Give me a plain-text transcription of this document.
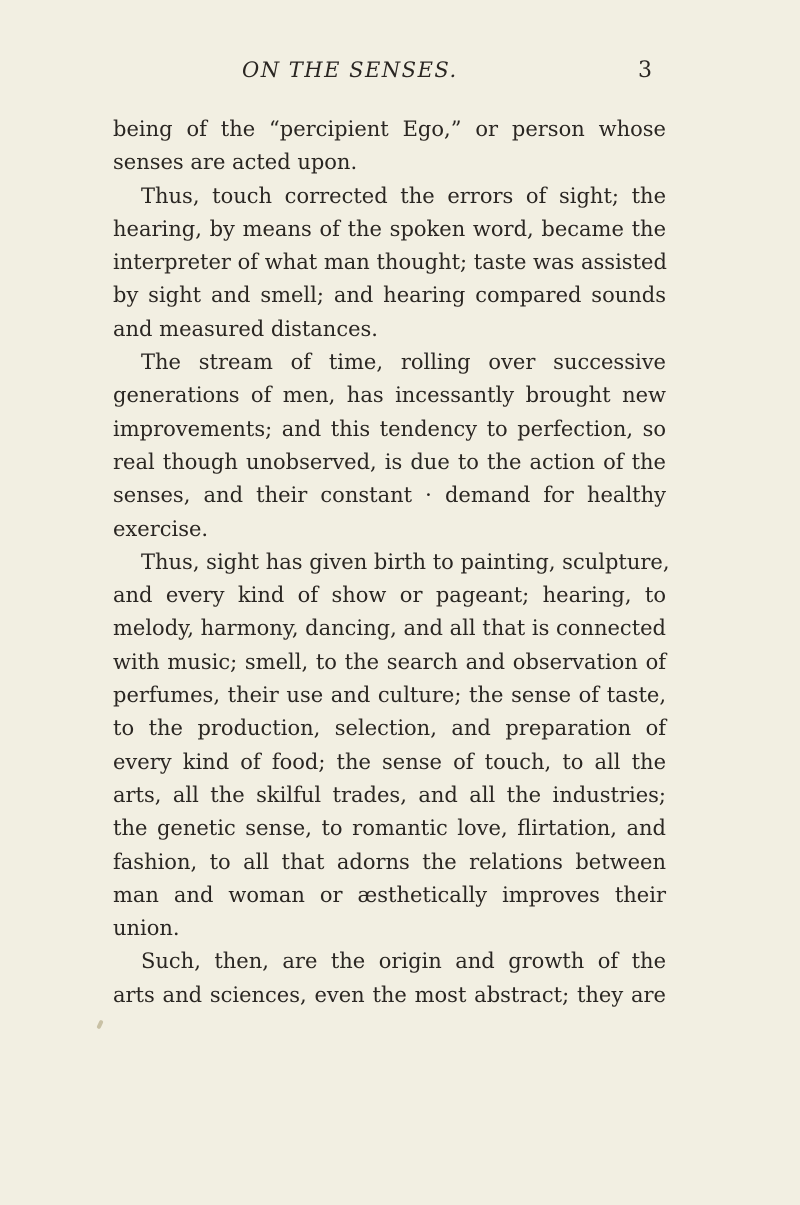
ON THE SENSES.	3
being of the “percipient Ego,” or person whose
senses are acted upon.
Thus, touch corrected the errors of sight; the
hearing, by means of the spoken word, became the
interpreter of what man thought; taste was assisted
by sight and smell; and hearing compared sounds
and measured distances.
The stream of time, rolling over successive
generations of men, has incessantly brought new
improvements; and this tendency to perfection, so
real though unobserved, is due to the action of the
senses, and their constant · demand for healthy
exercise.
Thus, sight has given birth to painting, sculpture,
and every kind of show or pageant; hearing, to
melody, harmony, dancing, and all that is connected
with music; smell, to the search and observation of
perfumes, their use and culture; the sense of taste,
to the production, selection, and preparation of
every kind of food; the sense of touch, to all the
arts, all the skilful trades, and all the industries;
the genetic sense, to romantic love, flirtation, and
fashion, to all that adorns the relations between
man and woman or æsthetically improves their
union.
Such, then, are the origin and growth of the
arts and sciences, even the most abstract; they are
